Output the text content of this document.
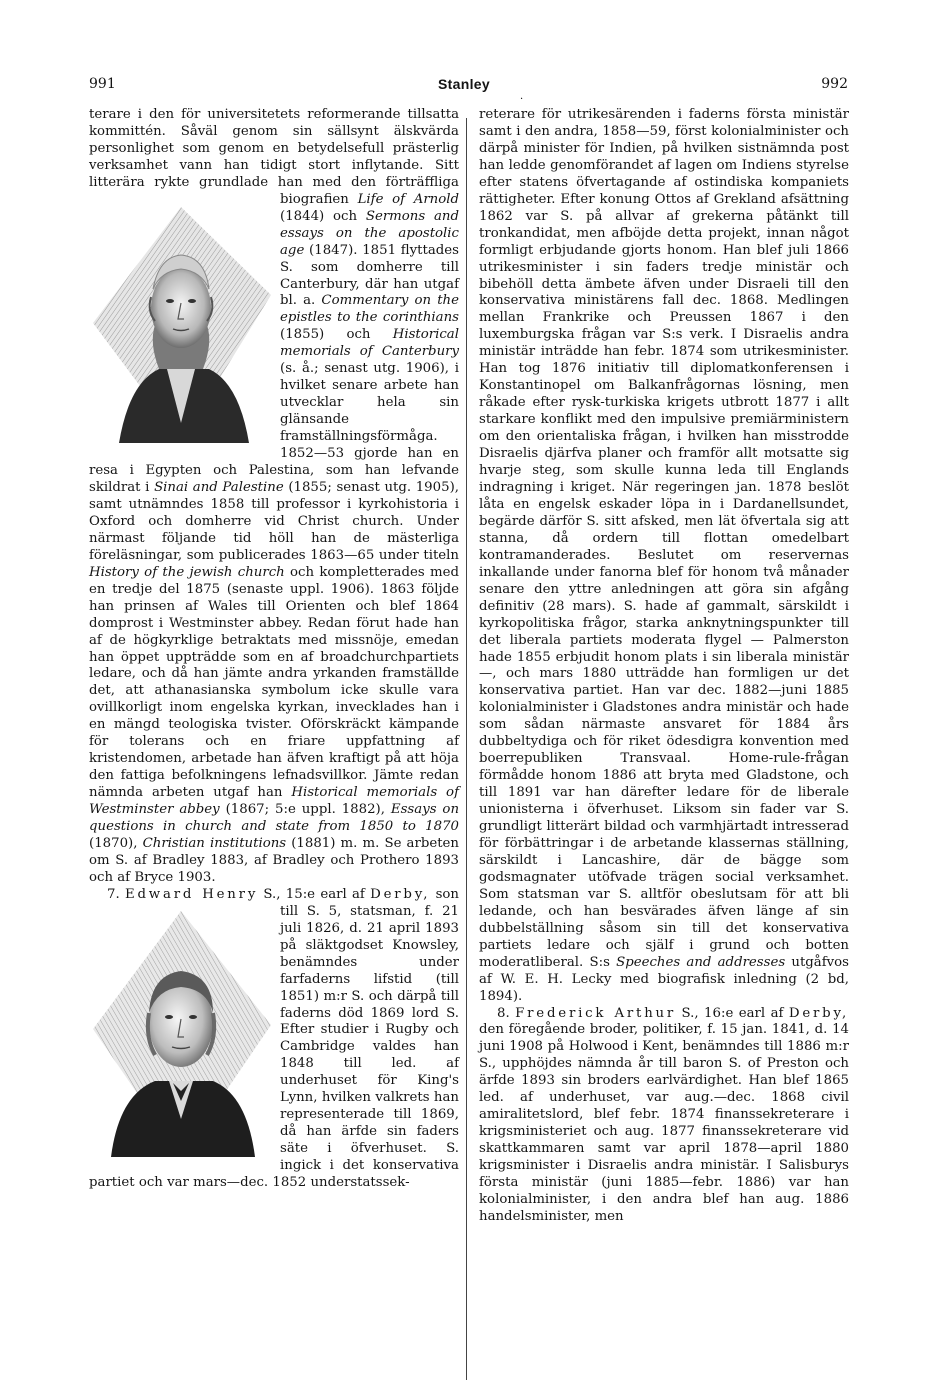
991	Stanley	992
·

terare i den för universitetets reformerande tillsatta kommittén. Såväl genom sin sällsynt älskvärda personlighet som genom en betydelsefull prästerlig verksamhet vann han tidigt stort inflytande. Sitt litterära rykte grundlade han med den förträffliga biografien Life of Arnold (1844) och Sermons and essays on the apostolic age (1847). 1851 flyttades S. som domherre till Canterbury, där han utgaf bl. a. Commentary on the epistles to the corinthians (1855) och Historical memorials of Canterbury (s. å.; senast utg. 1906), i hvilket senare arbete han utvecklar hela sin glänsande framställningsförmåga. 1852—53 gjorde han en resa i Egypten och Palestina, som han lefvande skildrat i Sinai and Palestine (1855; senast utg. 1905), samt utnämndes 1858 till professor i kyrkohistoria i Oxford och domherre vid Christ church. Under närmast följande tid höll han de mästerliga föreläsningar, som publicerades 1863—65 under titeln History of the jewish church och kompletterades med en tredje del 1875 (senaste uppl. 1906). 1863 följde han prinsen af Wales till Orienten och blef 1864 domprost i Westminster abbey. Redan förut hade han af de högkyrklige betraktats med missnöje, emedan han öppet uppträdde som en af broadchurchpartiets ledare, och då han jämte andra yrkanden framställde det, att athanasianska symbolum icke skulle vara ovillkorligt inom engelska kyrkan, invecklades han i en mängd teologiska tvister. Oförskräckt kämpande för tolerans och en friare uppfattning af kristendomen, arbetade han äfven kraftigt på att höja den fattiga befolkningens lefnadsvillkor. Jämte redan nämnda arbeten utgaf han Historical memorials of Westminster abbey (1867; 5:e uppl. 1882), Essays on questions in church and state from 1850 to 1870 (1870), Christian institutions (1881) m. m. Se arbeten om S. af Bradley 1883, af Bradley och Prothero 1893 och af Bryce 1903.

7. Edward Henry S., 15:e earl af Derby, son till S. 5, statsman, f. 21 juli 1826, d. 21 april 1893 på släktgodset Knowsley, benämndes under farfaderns lifstid (till 1851) m:r S. och därpå till faderns död 1869 lord S. Efter studier i Rugby och Cambridge valdes han 1848 till led. af underhuset för King's Lynn, hvilken valkrets han representerade till 1869, då han ärfde sin faders säte i öfverhuset. S. ingick i det konservativa partiet och var mars—dec. 1852 understatssek-

reterare för utrikesärenden i faderns första ministär samt i den andra, 1858—59, först kolonialminister och därpå minister för Indien, på hvilken sistnämnda post han ledde genomförandet af lagen om Indiens styrelse efter statens öfvertagande af ostindiska kompaniets rättigheter. Efter konung Ottos af Grekland afsättning 1862 var S. på allvar af grekerna påtänkt till tronkandidat, men afböjde detta projekt, innan något formligt erbjudande gjorts honom. Han blef juli 1866 utrikesminister i sin faders tredje ministär och bibehöll detta ämbete äfven under Disraeli till den konservativa ministärens fall dec. 1868. Medlingen mellan Frankrike och Preussen 1867 i den luxemburgska frågan var S:s verk. I Disraelis andra ministär inträdde han febr. 1874 som utrikesminister. Han tog 1876 initiativ till diplomatkonferensen i Konstantinopel om Balkanfrågornas lösning, men råkade efter rysk-turkiska krigets utbrott 1877 i allt starkare konflikt med den impulsive premiärministern om den orientaliska frågan, i hvilken han misstrodde Disraelis djärfva planer och framför allt motsatte sig hvarje steg, som skulle kunna leda till Englands indragning i kriget. När regeringen jan. 1878 beslöt låta en engelsk eskader löpa in i Dardanellsundet, begärde därför S. sitt afsked, men lät öfvertala sig att stanna, då ordern till flottan omedelbart kontramanderades. Beslutet om reservernas inkallande under fanorna blef för honom två månader senare den yttre anledningen att göra sin afgång definitiv (28 mars). S. hade af gammalt, särskildt i kyrkopolitiska frågor, starka anknytningspunkter till det liberala partiets moderata flygel — Palmerston hade 1855 erbjudit honom plats i sin liberala ministär —, och mars 1880 utträdde han formligen ur det konservativa partiet. Han var dec. 1882—juni 1885 kolonialminister i Gladstones andra ministär och hade som sådan närmaste ansvaret för 1884 års dubbeltydiga och för riket ödesdigra konvention med boerrepubliken Transvaal. Home-rule-frågan förmådde honom 1886 att bryta med Gladstone, och till 1891 var han därefter ledare för de liberale unionisterna i öfverhuset. Liksom sin fader var S. grundligt litterärt bildad och varmhjärtadt intresserad för förbättringar i de arbetande klassernas ställning, särskildt i Lancashire, där de bägge som godsmagnater utöfvade trägen social verksamhet. Som statsman var S. alltför obeslutsam för att bli ledande, och han besvärades äfven länge af sin dubbelställning såsom sin till det konservativa partiets ledare och själf i grund och botten moderatliberal. S:s Speeches and addresses utgåfvos af W. E. H. Lecky med biografisk inledning (2 bd, 1894).

8. Frederick Arthur S., 16:e earl af Derby, den föregående broder, politiker, f. 15 jan. 1841, d. 14 juni 1908 på Holwood i Kent, benämndes till 1886 m:r S., upphöjdes nämnda år till baron S. of Preston och ärfde 1893 sin broders earlvärdighet. Han blef 1865 led. af underhuset, var aug.—dec. 1868 civil amiralitetslord, blef febr. 1874 finanssekreterare i krigsministeriet och aug. 1877 finanssekreterare vid skattkammaren samt var april 1878—april 1880 krigsminister i Disraelis andra ministär. I Salisburys första ministär (juni 1885—febr. 1886) var han kolonialminister, i den andra blef han aug. 1886 handelsminister, men
